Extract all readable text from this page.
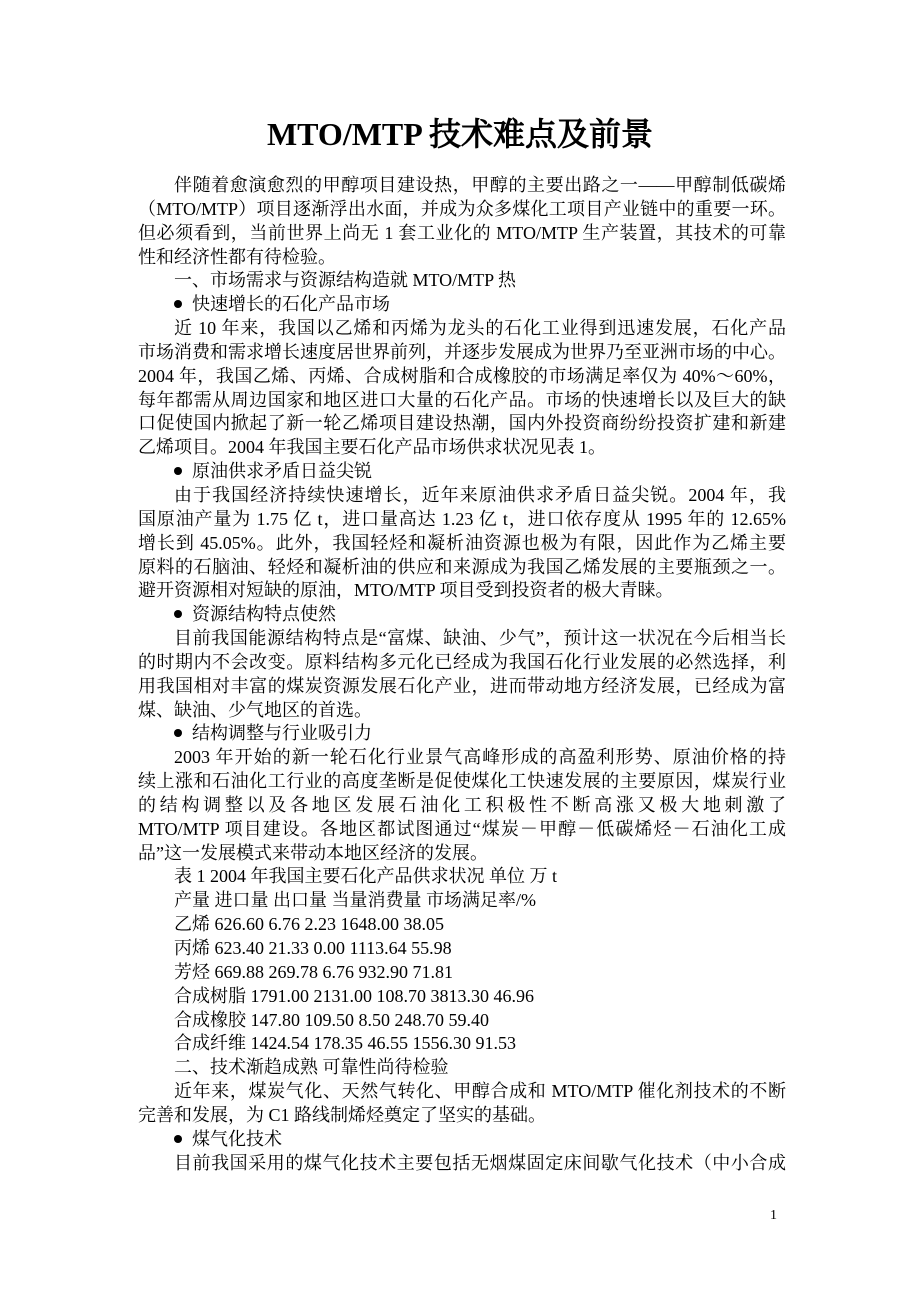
MTO/MTP 技术难点及前景
伴随着愈演愈烈的甲醇项目建设热，甲醇的主要出路之一——甲醇制低碳烯
（MTO/MTP）项目逐渐浮出水面，并成为众多煤化工项目产业链中的重要一环。
但必须看到，当前世界上尚无 1 套工业化的 MTO/MTP 生产装置，其技术的可靠
性和经济性都有待检验。
一、市场需求与资源结构造就 MTO/MTP 热
快速增长的石化产品市场
近 10 年来，我国以乙烯和丙烯为龙头的石化工业得到迅速发展，石化产品
市场消费和需求增长速度居世界前列，并逐步发展成为世界乃至亚洲市场的中心。
2004 年，我国乙烯、丙烯、合成树脂和合成橡胶的市场满足率仅为 40%～60%，
每年都需从周边国家和地区进口大量的石化产品。市场的快速增长以及巨大的缺
口促使国内掀起了新一轮乙烯项目建设热潮，国内外投资商纷纷投资扩建和新建
乙烯项目。2004 年我国主要石化产品市场供求状况见表 1。
原油供求矛盾日益尖锐
由于我国经济持续快速增长，近年来原油供求矛盾日益尖锐。2004 年，我
国原油产量为 1.75 亿 t，进口量高达 1.23 亿 t，进口依存度从 1995 年的 12.65%
增长到 45.05%。此外，我国轻烃和凝析油资源也极为有限，因此作为乙烯主要
原料的石脑油、轻烃和凝析油的供应和来源成为我国乙烯发展的主要瓶颈之一。
避开资源相对短缺的原油，MTO/MTP 项目受到投资者的极大青睐。
资源结构特点使然
目前我国能源结构特点是“富煤、缺油、少气”，预计这一状况在今后相当长
的时期内不会改变。原料结构多元化已经成为我国石化行业发展的必然选择，利
用我国相对丰富的煤炭资源发展石化产业，进而带动地方经济发展，已经成为富
煤、缺油、少气地区的首选。
结构调整与行业吸引力
2003 年开始的新一轮石化行业景气高峰形成的高盈利形势、原油价格的持
续上涨和石油化工行业的高度垄断是促使煤化工快速发展的主要原因，煤炭行业
的结构调整以及各地区发展石油化工积极性不断高涨又极大地刺激了
MTO/MTP 项目建设。各地区都试图通过“煤炭－甲醇－低碳烯烃－石油化工成
品”这一发展模式来带动本地区经济的发展。
表 1 2004 年我国主要石化产品供求状况 单位 万 t
产量 进口量 出口量 当量消费量 市场满足率/%
乙烯 626.60 6.76 2.23 1648.00 38.05
丙烯 623.40 21.33 0.00 1113.64 55.98
芳烃 669.88 269.78 6.76 932.90 71.81
合成树脂 1791.00 2131.00 108.70 3813.30 46.96
合成橡胶 147.80 109.50 8.50 248.70 59.40
合成纤维 1424.54 178.35 46.55 1556.30 91.53
二、技术渐趋成熟 可靠性尚待检验
近年来，煤炭气化、天然气转化、甲醇合成和 MTO/MTP 催化剂技术的不断
完善和发展，为 C1 路线制烯烃奠定了坚实的基础。
煤气化技术
目前我国采用的煤气化技术主要包括无烟煤固定床间歇气化技术（中小合成
1
